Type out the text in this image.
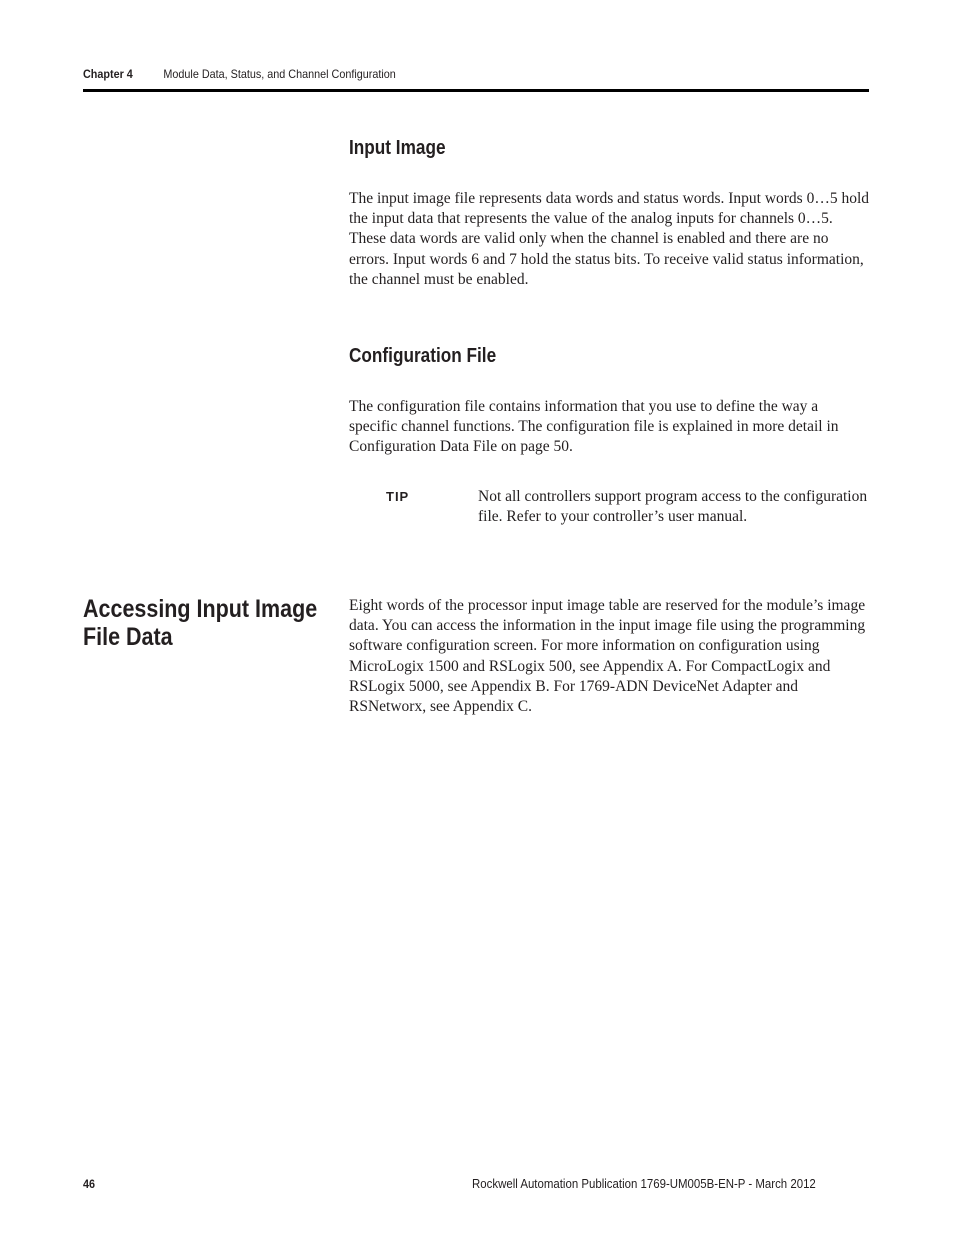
Chapter 4	Module Data, Status, and Channel Configuration
Input Image

The input image file represents data words and status words. Input words 0…5 hold the input data that represents the value of the analog inputs for channels 0…5. These data words are valid only when the channel is enabled and there are no errors. Input words 6 and 7 hold the status bits. To receive valid status information, the channel must be enabled.

Configuration File

The configuration file contains information that you use to define the way a specific channel functions. The configuration file is explained in more detail in Configuration Data File on page 50.

TIP	Not all controllers support program access to the configuration file. Refer to your controller’s user manual.

Accessing Input Image File Data

Eight words of the processor input image table are reserved for the module’s image data. You can access the information in the input image file using the programming software configuration screen. For more information on configuration using MicroLogix 1500 and RSLogix 500, see Appendix A. For CompactLogix and RSLogix 5000, see Appendix B. For 1769-ADN DeviceNet Adapter and RSNetworx, see Appendix C.

46	Rockwell Automation Publication 1769-UM005B-EN-P - March 2012
